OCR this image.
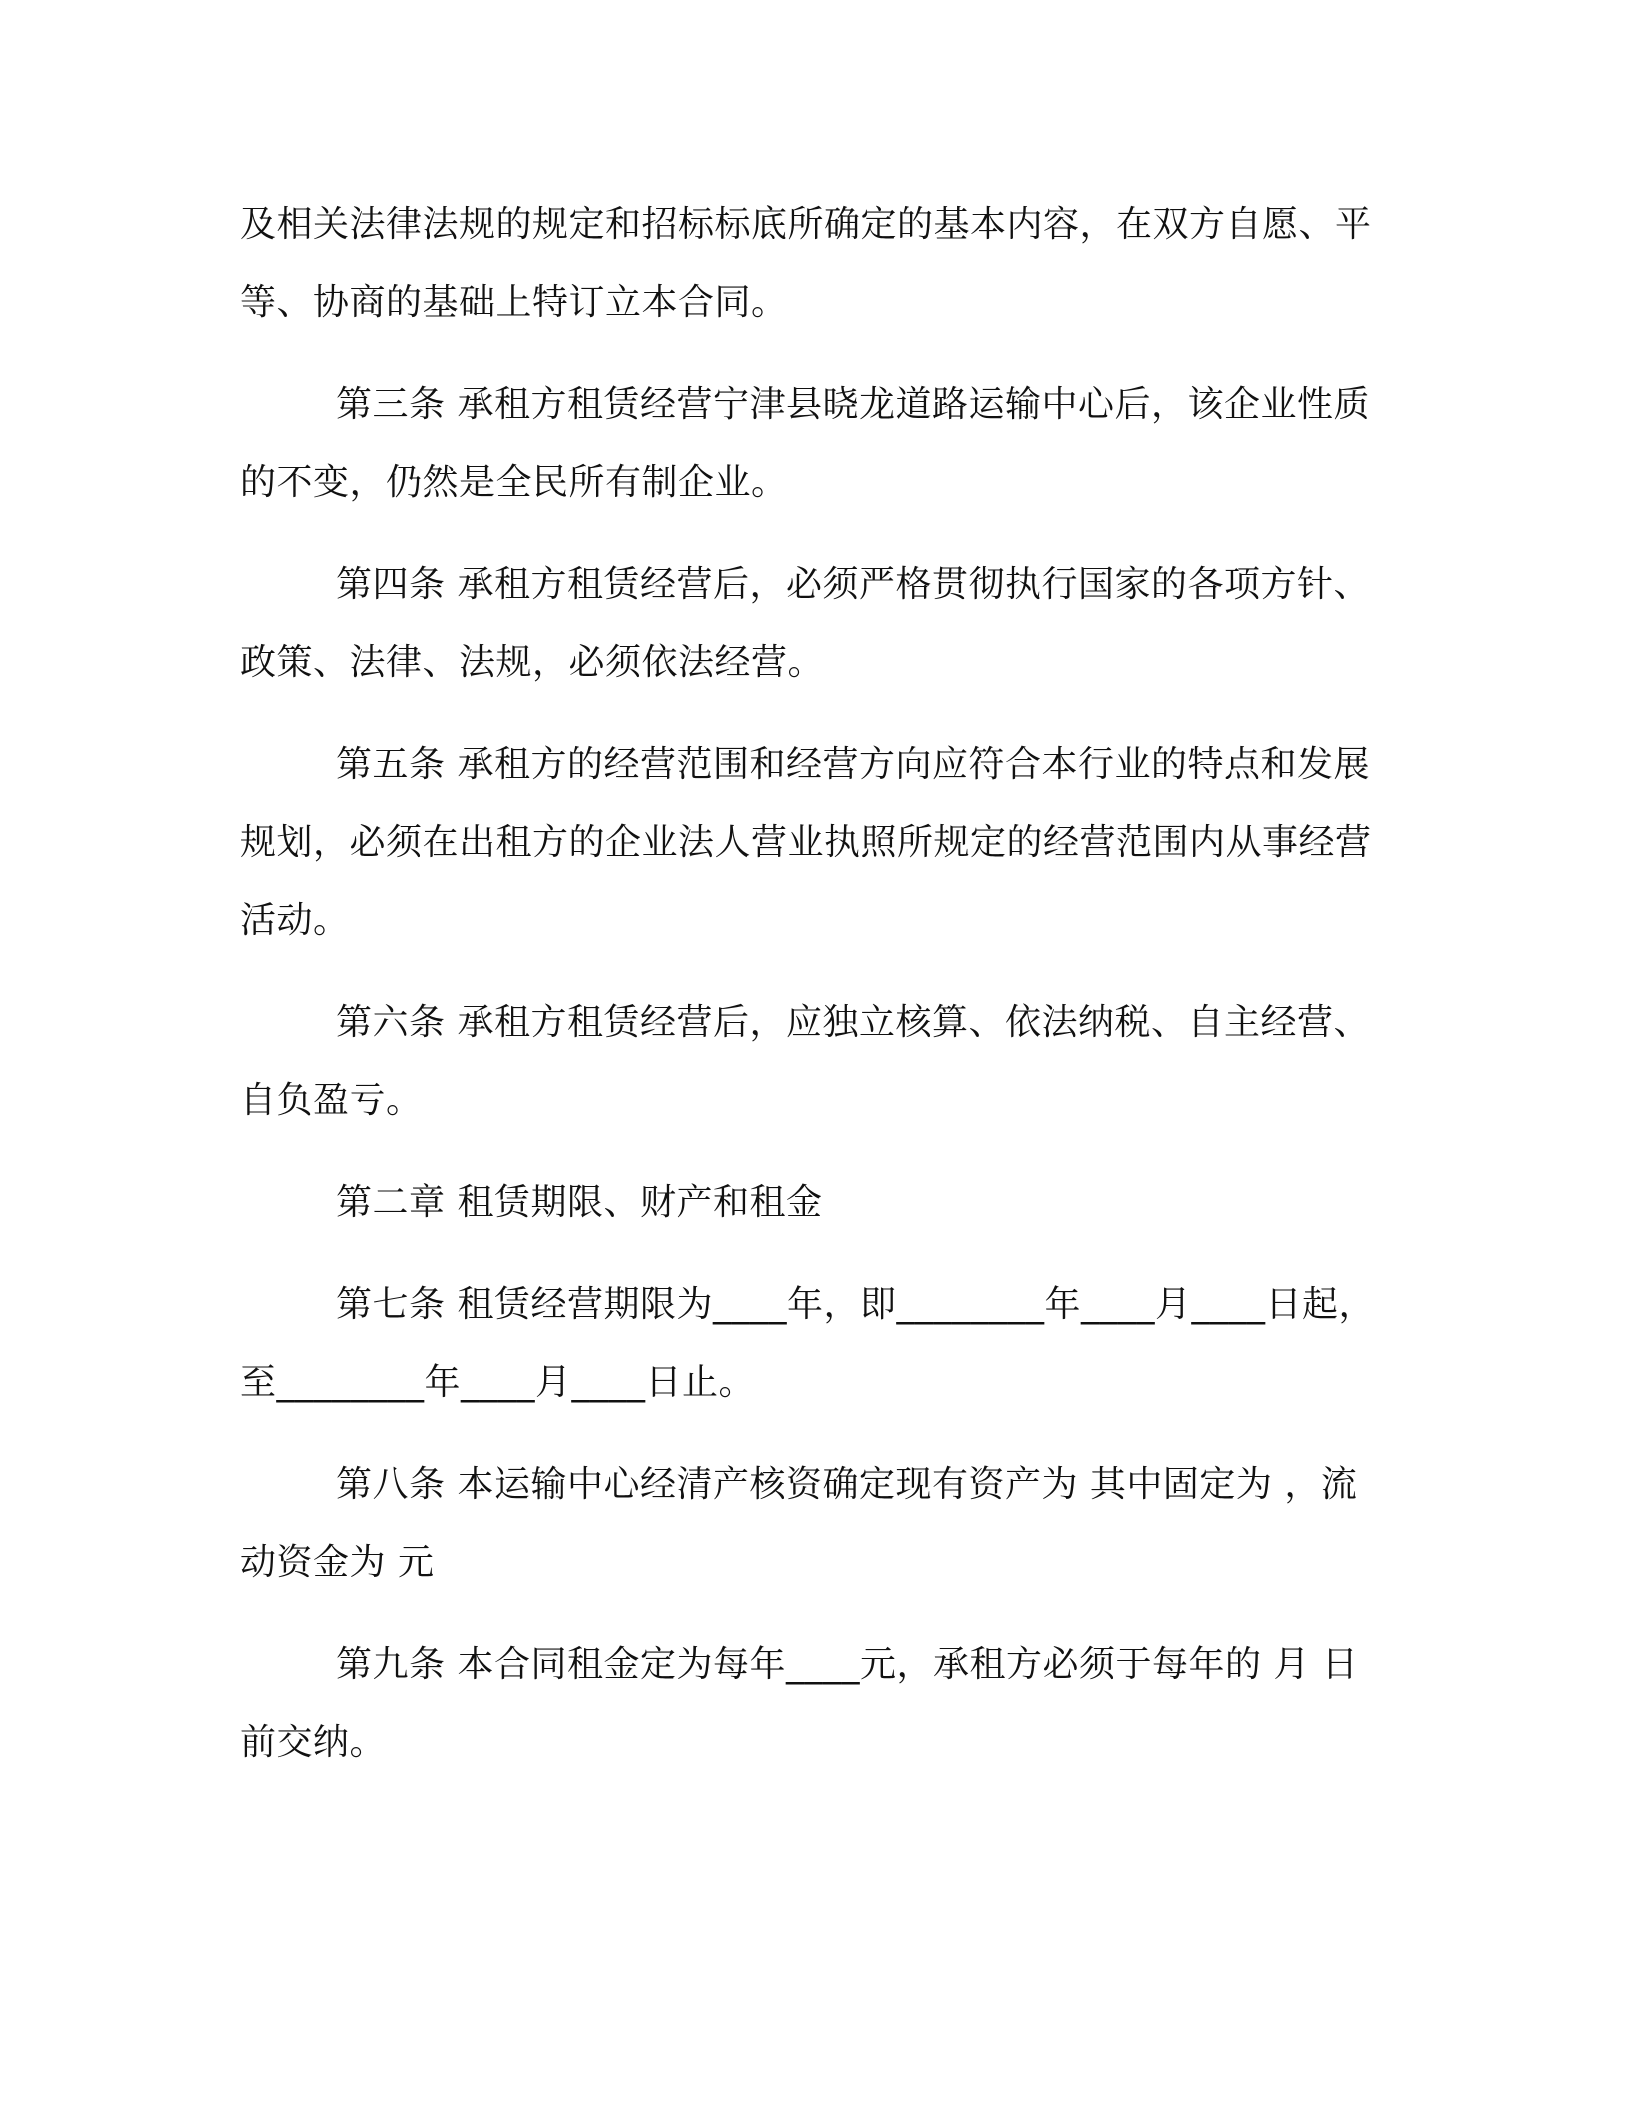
及相关法律法规的规定和招标标底所确定的基本内容，在双方自愿、平等、协商的基础上特订立本合同。

第三条 承租方租赁经营宁津县晓龙道路运输中心后，该企业性质的不变，仍然是全民所有制企业。

第四条 承租方租赁经营后，必须严格贯彻执行国家的各项方针、政策、法律、法规，必须依法经营。

第五条 承租方的经营范围和经营方向应符合本行业的特点和发展规划，必须在出租方的企业法人营业执照所规定的经营范围内从事经营活动。

第六条 承租方租赁经营后，应独立核算、依法纳税、自主经营、自负盈亏。

第二章 租赁期限、财产和租金

第七条 租赁经营期限为____年，即________年____月____日起，至________年____月____日止。

第八条 本运输中心经清产核资确定现有资产为 其中固定为 ，流动资金为 元

第九条 本合同租金定为每年____元，承租方必须于每年的 月 日前交纳。
